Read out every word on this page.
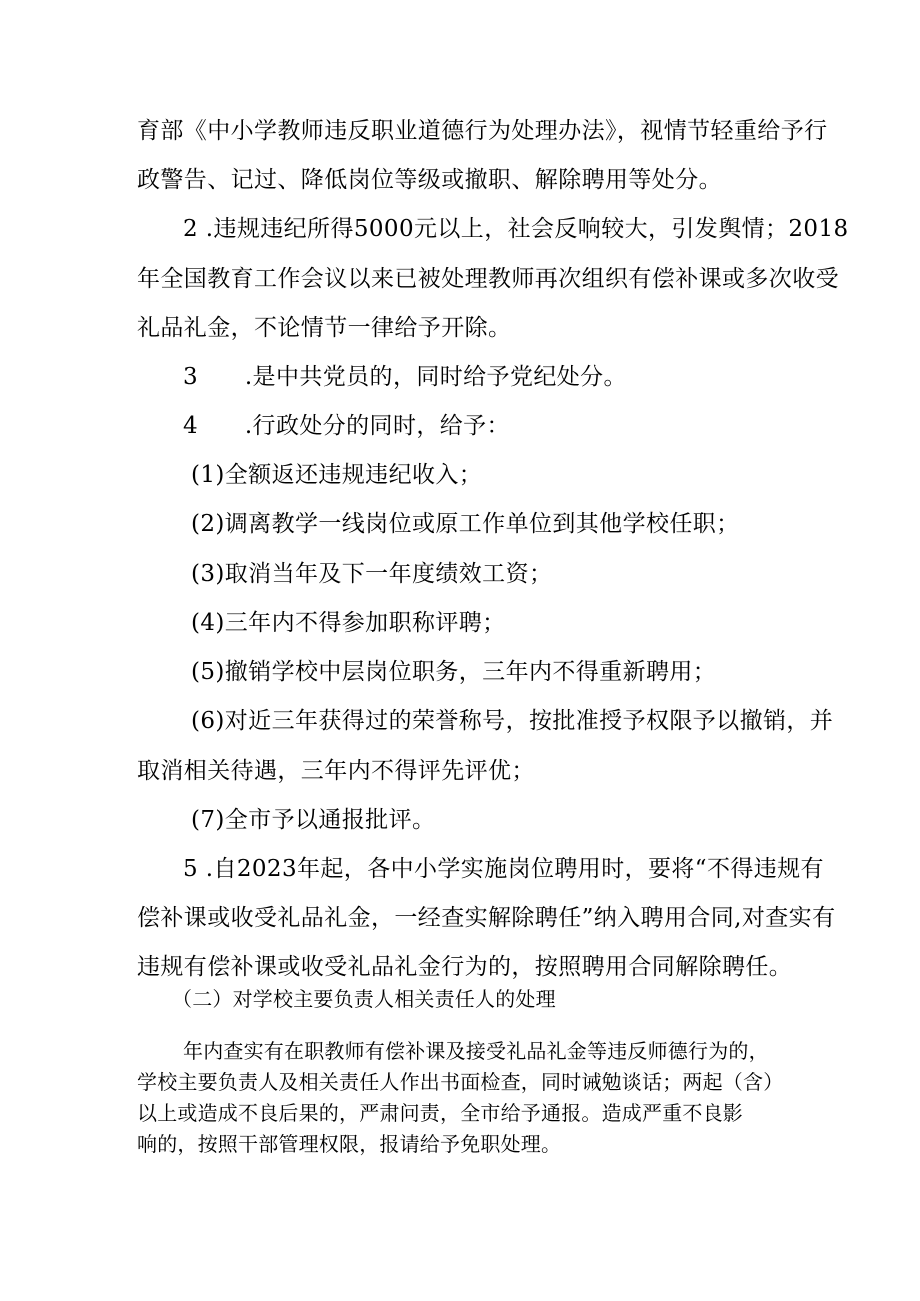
育部《中小学教师违反职业道德行为处理办法》，视情节轻重给予行
政警告、记过、降低岗位等级或撤职、解除聘用等处分。
2 .违规违纪所得5000元以上，社会反响较大，引发舆情；2018
年全国教育工作会议以来已被处理教师再次组织有偿补课或多次收受
礼品礼金，不论情节一律给予开除。
3　　.是中共党员的，同时给予党纪处分。
4　　.行政处分的同时，给予：
(1)全额返还违规违纪收入；
(2)调离教学一线岗位或原工作单位到其他学校任职；
(3)取消当年及下一年度绩效工资；
(4)三年内不得参加职称评聘；
(5)撤销学校中层岗位职务，三年内不得重新聘用；
(6)对近三年获得过的荣誉称号，按批准授予权限予以撤销，并
取消相关待遇，三年内不得评先评优；
(7)全市予以通报批评。
5 .自2023年起，各中小学实施岗位聘用时，要将“不得违规有
偿补课或收受礼品礼金，一经查实解除聘任”纳入聘用合同,对查实有
违规有偿补课或收受礼品礼金行为的，按照聘用合同解除聘任。
（二）对学校主要负责人相关责任人的处理
年内查实有在职教师有偿补课及接受礼品礼金等违反师德行为的，
学校主要负责人及相关责任人作出书面检查，同时诫勉谈话；两起（含）
以上或造成不良后果的，严肃问责，全市给予通报。造成严重不良影
响的，按照干部管理权限，报请给予免职处理。
